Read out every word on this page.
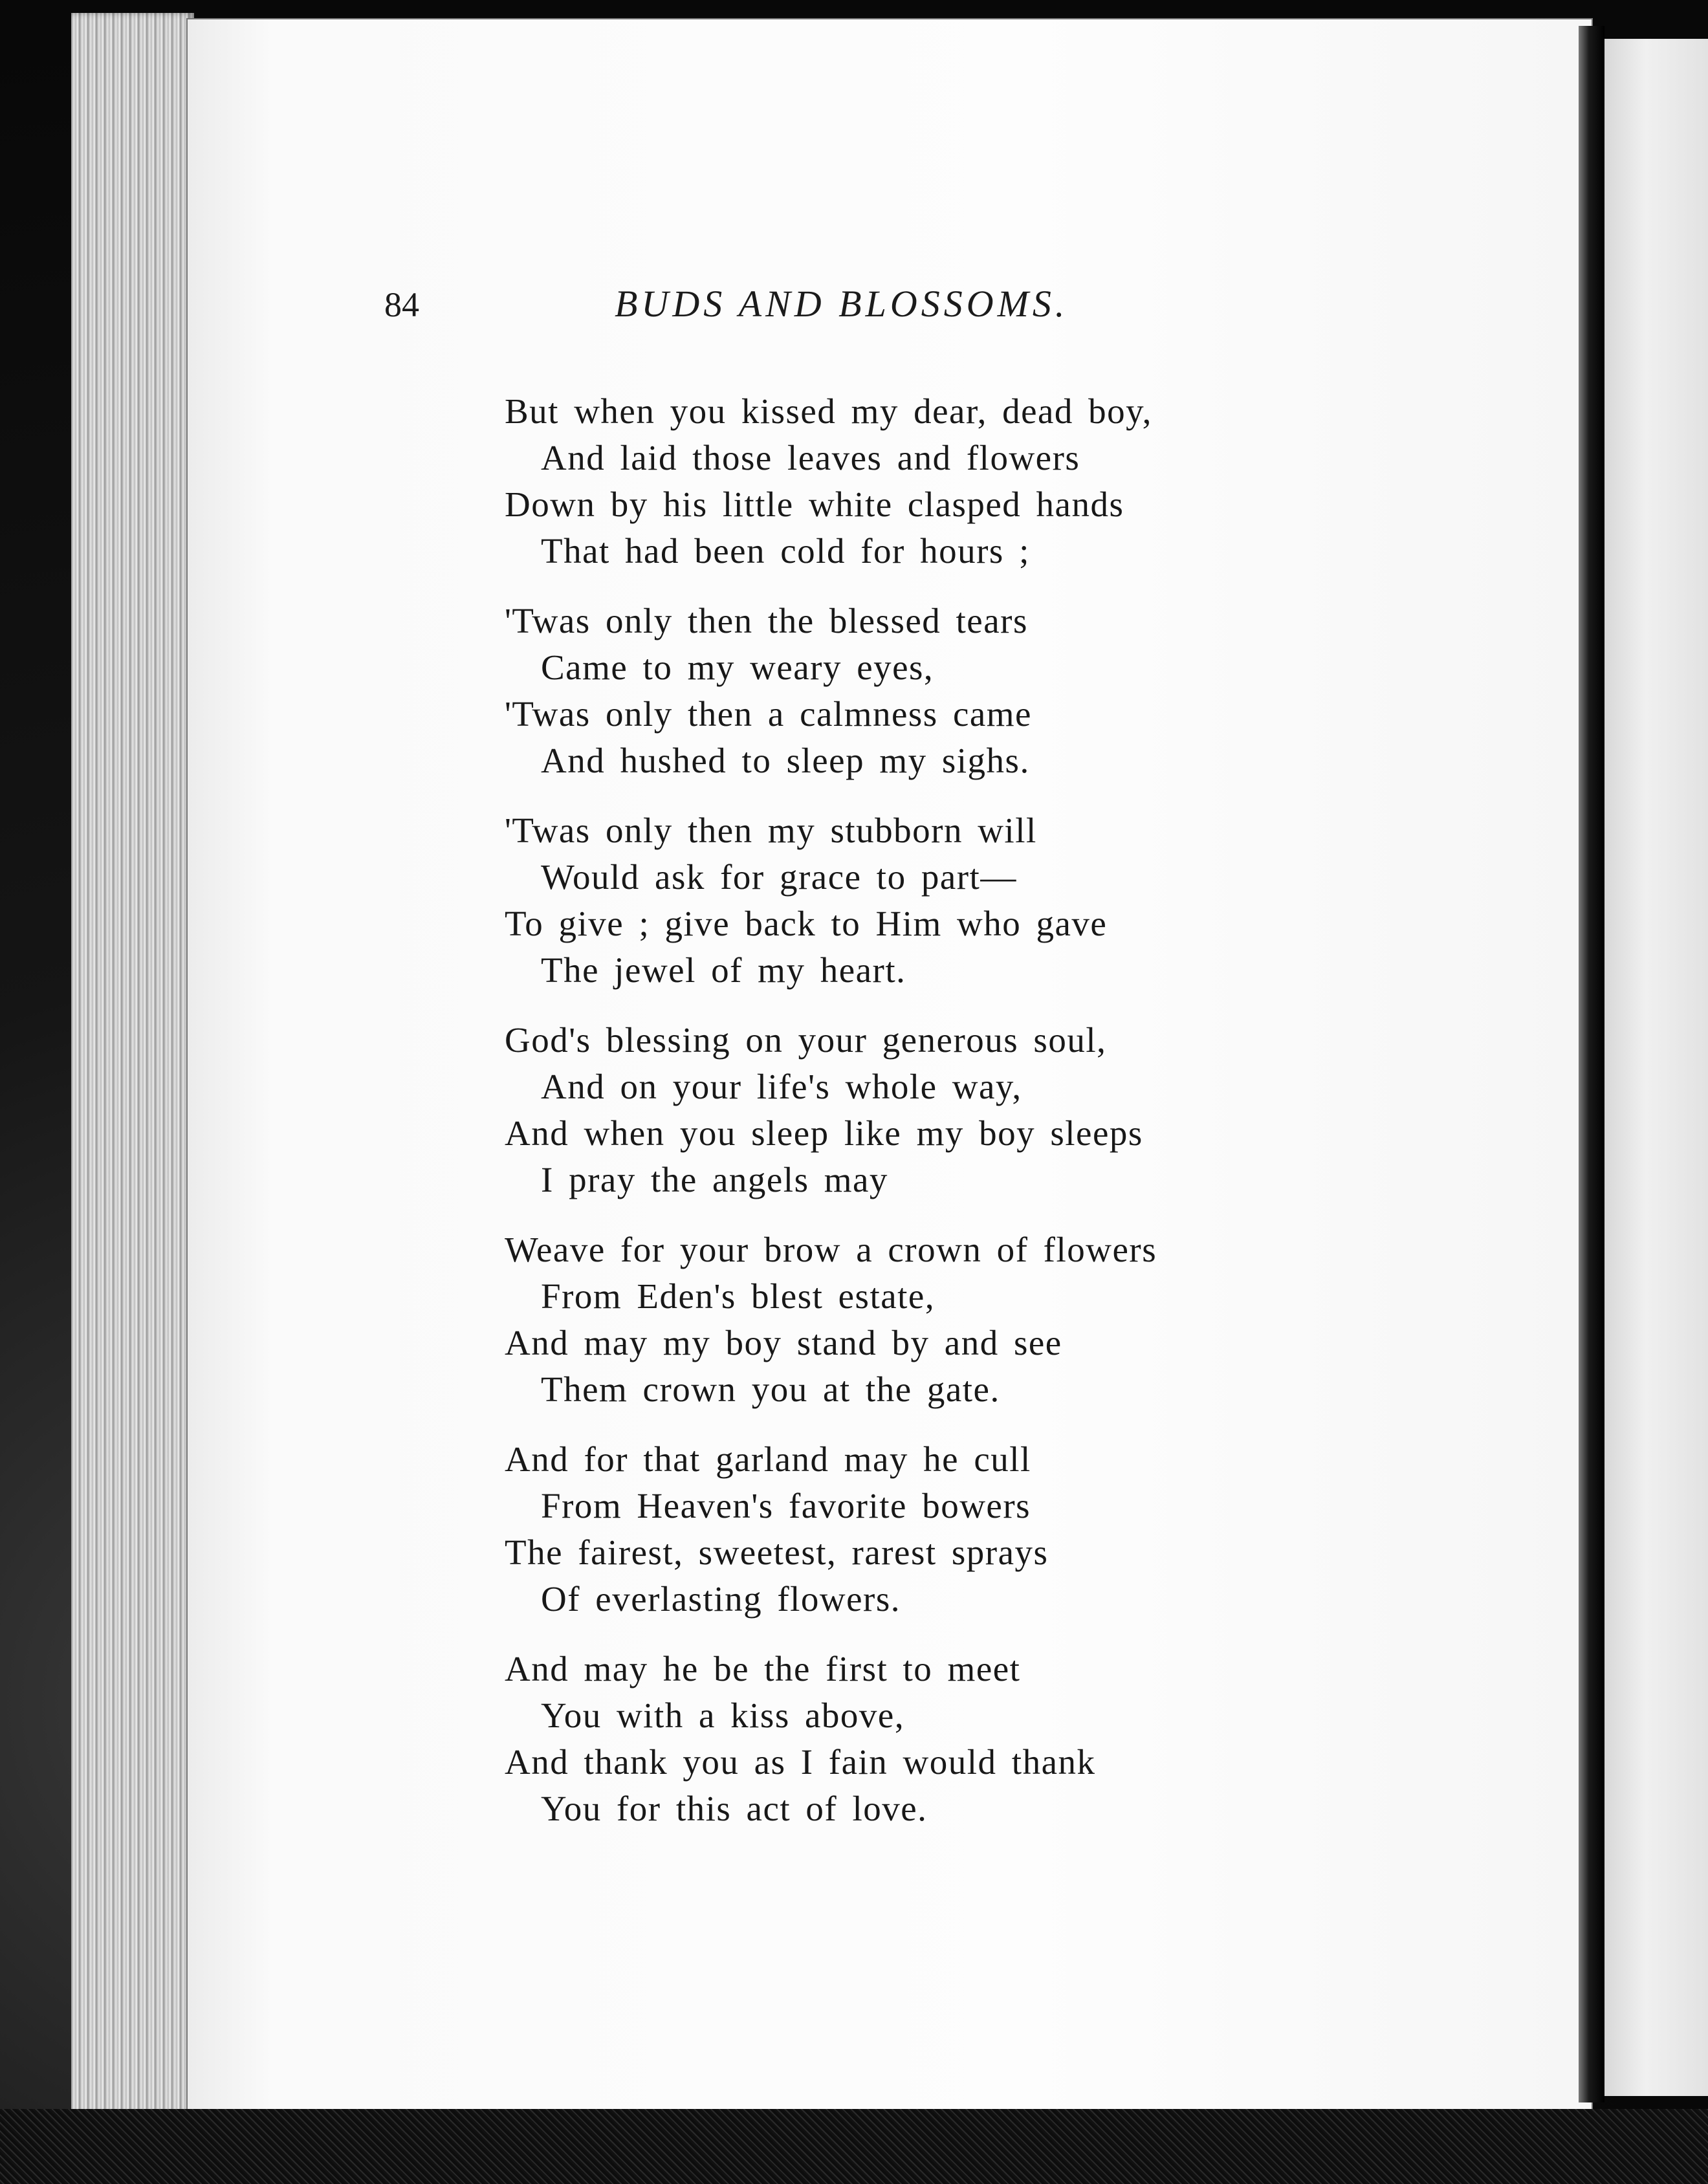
84	BUDS AND BLOSSOMS.
But when you kissed my dear, dead boy,
And laid those leaves and flowers
Down by his little white clasped hands
That had been cold for hours ;
'Twas only then the blessed tears
Came to my weary eyes,
'Twas only then a calmness came
And hushed to sleep my sighs.
'Twas only then my stubborn will
Would ask for grace to part—
To give ; give back to Him who gave
The jewel of my heart.
God's blessing on your generous soul,
And on your life's whole way,
And when you sleep like my boy sleeps
I pray the angels may
Weave for your brow a crown of flowers
From Eden's blest estate,
And may my boy stand by and see
Them crown you at the gate.
And for that garland may he cull
From Heaven's favorite bowers
The fairest, sweetest, rarest sprays
Of everlasting flowers.
And may he be the first to meet
You with a kiss above,
And thank you as I fain would thank
You for this act of love.
